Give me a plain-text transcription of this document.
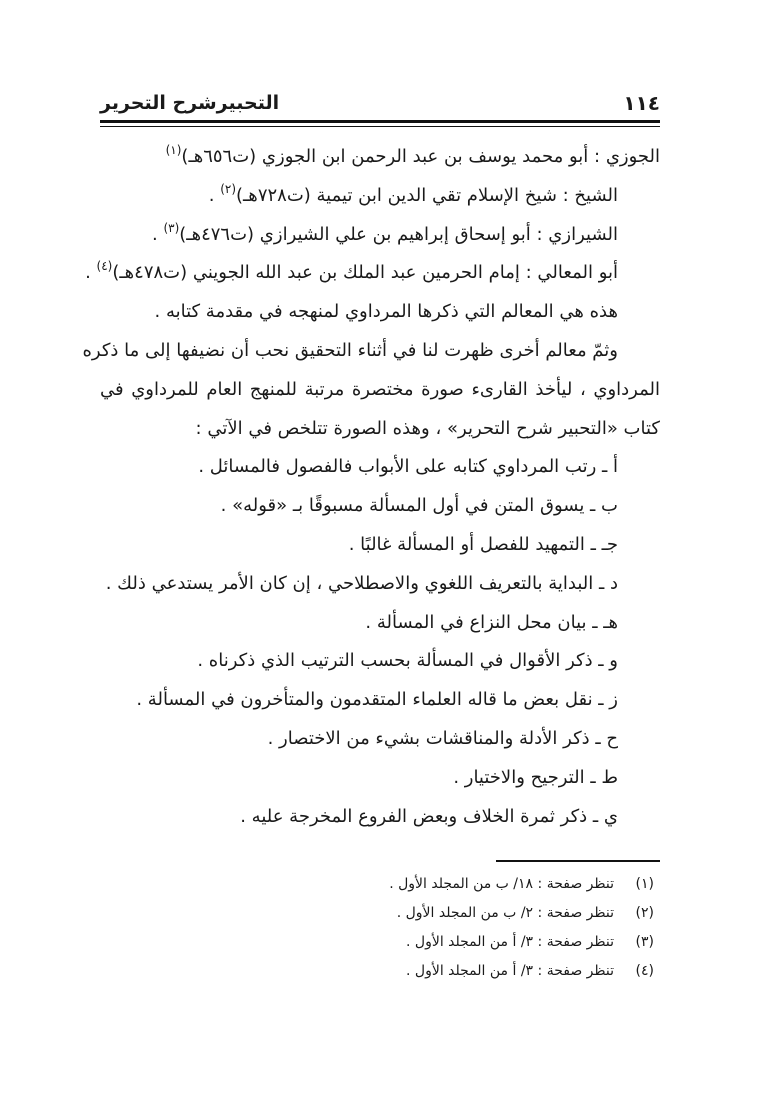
١١٤
التحبيرشرح التحرير
الجوزي : أبو محمد يوسف بن عبد الرحمن ابن الجوزي (ت٦٥٦هـ)$^{(١)}$
الشيخ : شيخ الإسلام تقي الدين ابن تيمية (ت٧٢٨هـ)$^{(٢)}$ .
الشيرازي : أبو إسحاق إبراهيم بن علي الشيرازي (ت٤٧٦هـ)$^{(٣)}$ .
أبو المعالي : إمام الحرمين عبد الملك بن عبد الله الجويني (ت٤٧٨هـ)$^{(٤)}$ .
هذه هي المعالم التي ذكرها المرداوي لمنهجه في مقدمة كتابه .
وثمّ معالم أخرى ظهرت لنا في أثناء التحقيق نحب أن نضيفها إلى ما ذكره
المرداوي ، ليأخذ القارىء صورة مختصرة مرتبة للمنهج العام للمرداوي في
كتاب «التحبير شرح التحرير» ، وهذه الصورة تتلخص في الآتي :
أ ـ رتب المرداوي كتابه على الأبواب فالفصول فالمسائل .
ب ـ يسوق المتن في أول المسألة مسبوقًا بـ «قوله» .
جـ ـ التمهيد للفصل أو المسألة غالبًا .
د ـ البداية بالتعريف اللغوي والاصطلاحي ، إن كان الأمر يستدعي ذلك .
هـ ـ بيان محل النزاع في المسألة .
و ـ ذكر الأقوال في المسألة بحسب الترتيب الذي ذكرناه .
ز ـ نقل بعض ما قاله العلماء المتقدمون والمتأخرون في المسألة .
ح ـ ذكر الأدلة والمناقشات بشيء من الاختصار .
ط ـ الترجيح والاختيار .
ي ـ ذكر ثمرة الخلاف وبعض الفروع المخرجة عليه .
(١)تنظر صفحة : ١٨/ ب من المجلد الأول .
(٢)تنظر صفحة : ٢/ ب من المجلد الأول .
(٣)تنظر صفحة : ٣/ أ من المجلد الأول .
(٤)تنظر صفحة : ٣/ أ من المجلد الأول .
